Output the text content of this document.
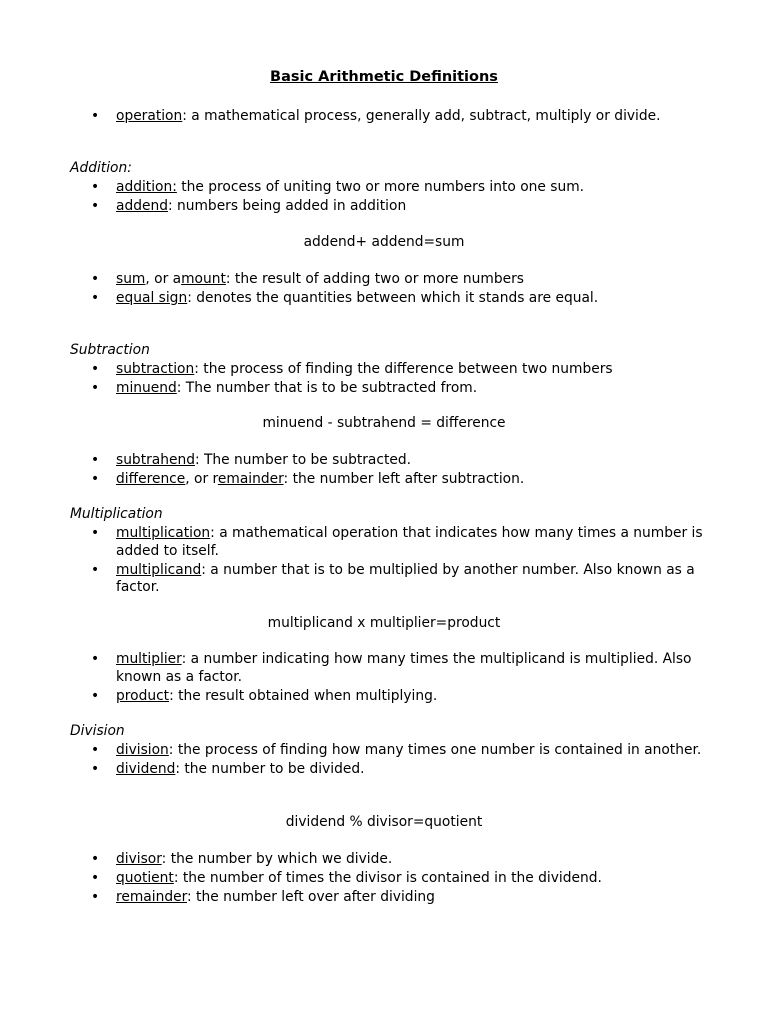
Basic Arithmetic Definitions
• operation: a mathematical process, generally add, subtract, multiply or divide.
Addition:
• addition: the process of uniting two or more numbers into one sum.
• addend: numbers being added in addition
addend+ addend=sum
• sum, or amount: the result of adding two or more numbers
• equal sign: denotes the quantities between which it stands are equal.
Subtraction
• subtraction: the process of finding the difference between two numbers
• minuend: The number that is to be subtracted from.
minuend - subtrahend = difference
• subtrahend: The number to be subtracted.
• difference, or remainder: the number left after subtraction.
Multiplication
• multiplication: a mathematical operation that indicates how many times a number is added to itself.
• multiplicand: a number that is to be multiplied by another number. Also known as a factor.
multiplicand x multiplier=product
• multiplier: a number indicating how many times the multiplicand is multiplied. Also known as a factor.
• product: the result obtained when multiplying.
Division
• division: the process of finding how many times one number is contained in another.
• dividend: the number to be divided.
dividend % divisor=quotient
• divisor: the number by which we divide.
• quotient: the number of times the divisor is contained in the dividend.
• remainder: the number left over after dividing
